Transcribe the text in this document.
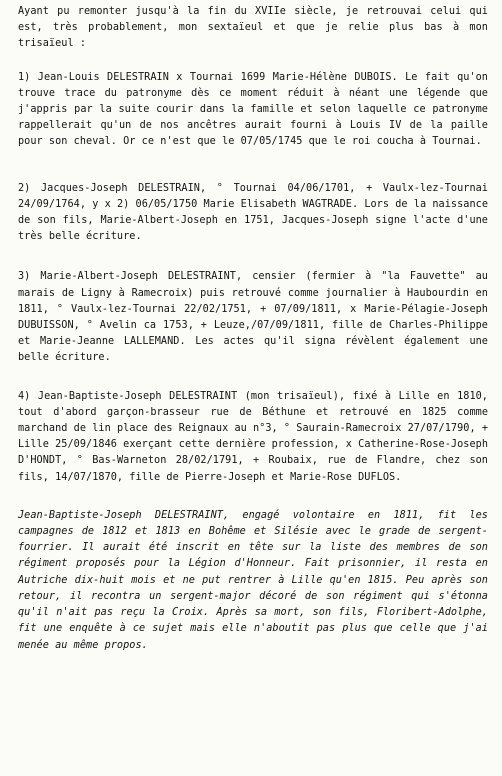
Ayant pu remonter jusqu'à la fin du XVIIe siècle, je retrouvai celui qui est, très probablement, mon sextaïeul et que je relie plus bas à mon trisaïeul :

1) Jean-Louis DELESTRAIN x Tournai 1699 Marie-Hélène DUBOIS. Le fait qu'on trouve trace du patronyme dès ce moment réduit à néant une légende que j'appris par la suite courir dans la famille et selon laquelle ce patronyme rappellerait qu'un de nos ancêtres aurait fourni à Louis IV de la paille pour son cheval. Or ce n'est que le 07/05/1745 que le roi coucha à Tournai.

2) Jacques-Joseph DELESTRAIN, ° Tournai 04/06/1701, + Vaulx-lez-Tournai 24/09/1764, y x 2) 06/05/1750 Marie Elisabeth WAGTRADE. Lors de la naissance de son fils, Marie-Albert-Joseph en 1751, Jacques-Joseph signe l'acte d'une très belle écriture.

3) Marie-Albert-Joseph DELESTRAINT, censier (fermier à "la Fauvette" au marais de Ligny à Ramecroix) puis retrouvé comme journalier à Haubourdin en 1811, ° Vaulx-lez-Tournai 22/02/1751, + 07/09/1811, x Marie-Pélagie-Joseph DUBUISSON, ° Avelin ca 1753, + Leuze,/07/09/1811, fille de Charles-Philippe et Marie-Jeanne LALLEMAND. Les actes qu'il signa révèlent également une belle écriture.

4) Jean-Baptiste-Joseph DELESTRAINT (mon trisaïeul), fixé à Lille en 1810, tout d'abord garçon-brasseur rue de Béthune et retrouvé en 1825 comme marchand de lin place des Reignaux au n°3, ° Saurain-Ramecroix 27/07/1790, + Lille 25/09/1846 exerçant cette dernière profession, x Catherine-Rose-Joseph D'HONDT, ° Bas-Warneton 28/02/1791, + Roubaix, rue de Flandre, chez son fils, 14/07/1870, fille de Pierre-Joseph et Marie-Rose DUFLOS.

Jean-Baptiste-Joseph DELESTRAINT, engagé volontaire en 1811, fit les campagnes de 1812 et 1813 en Bohême et Silésie avec le grade de sergent-fourrier. Il aurait été inscrit en tête sur la liste des membres de son régiment proposés pour la Légion d'Honneur. Fait prisonnier, il resta en Autriche dix-huit mois et ne put rentrer à Lille qu'en 1815. Peu après son retour, il recontra un sergent-major décoré de son régiment qui s'étonna qu'il n'ait pas reçu la Croix. Après sa mort, son fils, Floribert-Adolphe, fit une enquête à ce sujet mais elle n'aboutit pas plus que celle que j'ai menée au même propos.
